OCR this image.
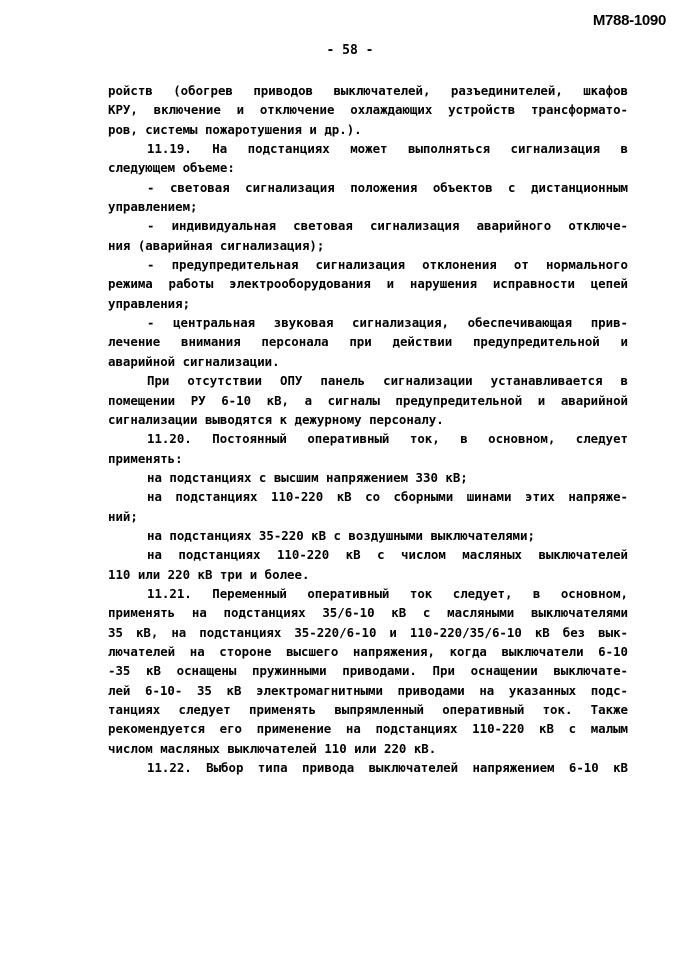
М788-1090
- 58 -
ройств (обогрев приводов выключателей, разъединителей, шкафов
КРУ, включение и отключение охлаждающих устройств трансформато-
ров, системы пожаротушения и др.).
11.19. На подстанциях может выполняться сигнализация в
следующем объеме:
- световая сигнализация положения объектов с дистанционным
управлением;
- индивидуальная световая сигнализация аварийного отключе-
ния (аварийная сигнализация);
- предупредительная сигнализация отклонения от нормального
режима работы электрооборудования и нарушения исправности цепей
управления;
- центральная звуковая сигнализация, обеспечивающая прив-
лечение внимания персонала при действии предупредительной и
аварийной сигнализации.
При отсутствии ОПУ панель сигнализации устанавливается в
помещении РУ 6-10 кВ, а сигналы предупредительной и аварийной
сигнализации выводятся к дежурному персоналу.
11.20. Постоянный оперативный ток, в основном, следует
применять:
на подстанциях с высшим напряжением 330 кВ;
на подстанциях 110-220 кВ со сборными шинами этих напряже-
ний;
на подстанциях 35-220 кВ с воздушными выключателями;
на подстанциях 110-220 кВ с числом масляных выключателей
110 или 220 кВ три и более.
11.21. Переменный оперативный ток следует, в основном,
применять на подстанциях 35/6-10 кВ с масляными выключателями
35 кВ, на подстанциях 35-220/6-10 и 110-220/35/6-10 кВ без вык-
лючателей на стороне высшего напряжения, когда выключатели 6-10
-35 кВ оснащены пружинными приводами. При оснащении выключате-
лей 6-10- 35 кВ электромагнитными приводами на указанных подс-
танциях следует применять выпрямленный оперативный ток. Также
рекомендуется его применение на подстанциях 110-220 кВ с малым
числом масляных выключателей 110 или 220 кВ.
11.22. Выбор типа привода выключателей напряжением 6-10 кВ
